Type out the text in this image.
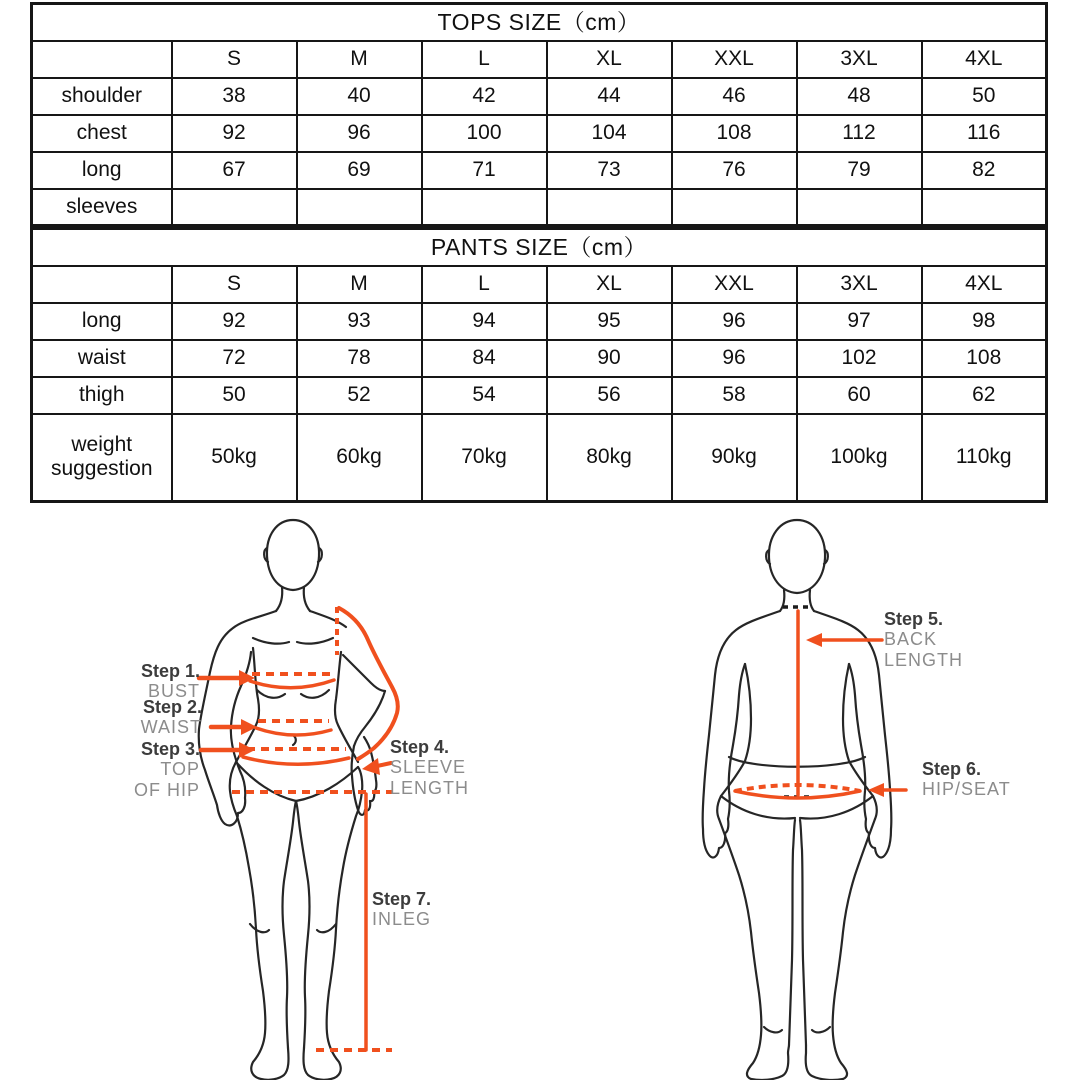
TOPS SIZE（cm）							
	S	M	L	XL	XXL	3XL	4XL
shoulder	38	40	42	44	46	48	50
chest	92	96	100	104	108	112	116
long	67	69	71	73	76	79	82
sleeves							
PANTS SIZE（cm）							
	S	M	L	XL	XXL	3XL	4XL
long	92	93	94	95	96	97	98
waist	72	78	84	90	96	102	108
thigh	50	52	54	56	58	60	62
weight suggestion	50kg	60kg	70kg	80kg	90kg	100kg	110kg
Step 1.
BUST
Step 2.
WAIST
Step 3.
TOP
OF HIP
Step 4.
SLEEVE
LENGTH
Step 7.
INLEG
Step 5.
BACK
LENGTH
Step 6.
HIP/SEAT
